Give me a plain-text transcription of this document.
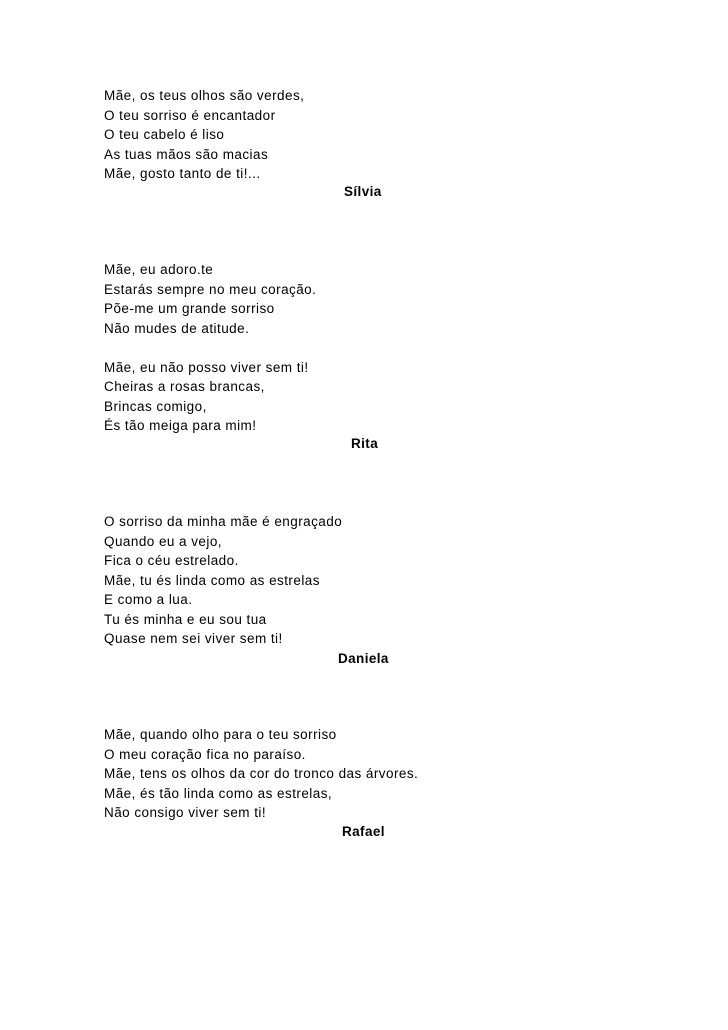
Mãe, os teus olhos são verdes,
O teu sorriso é encantador
O teu cabelo é liso
As tuas mãos são macias
Mãe, gosto tanto de ti!...
Sílvia
Mãe, eu adoro.te
Estarás sempre no meu coração.
Põe-me um grande sorriso
Não mudes de atitude.
Mãe, eu não posso viver sem ti!
Cheiras a rosas brancas,
Brincas comigo,
És tão meiga para mim!
Rita
O sorriso da minha mãe é engraçado
Quando eu a vejo,
Fica o céu estrelado.
Mãe, tu és linda como as estrelas
E como a lua.
Tu és minha e eu sou tua
Quase nem sei viver sem ti!
Daniela
Mãe, quando olho para o teu sorriso
O meu coração fica no paraíso.
Mãe, tens os olhos da cor do tronco das árvores.
Mãe, és tão linda como as estrelas,
Não consigo viver sem ti!
Rafael
